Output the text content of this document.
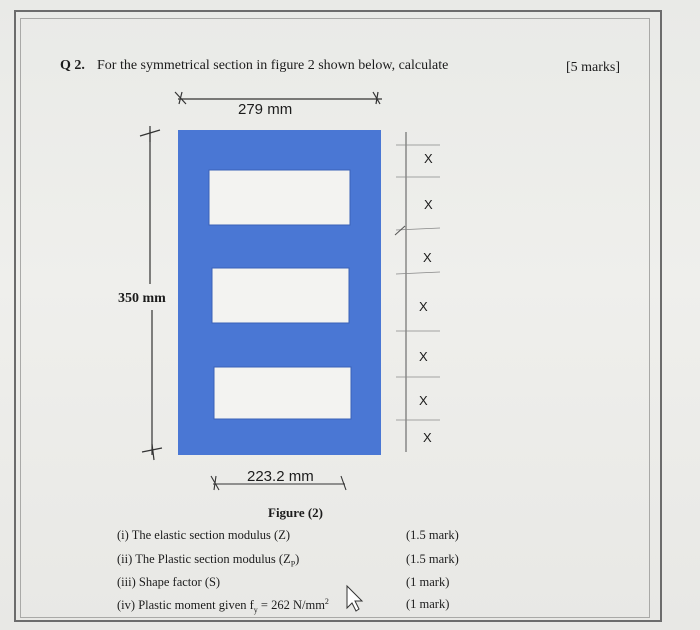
Q 2. For the symmetrical section in figure 2 shown below, calculate	[5 marks]
279 mm
350 mm
X
X
X
X
X
X
X
223.2 mm
Figure (2)
(i) The elastic section modulus (Z)	(1.5 mark)
(ii) The Plastic section modulus $(Z_P)$	(1.5 mark)
(iii) Shape factor (S)	(1 mark)
(iv) Plastic moment given $f_y = 262$ $N/mm^2$	(1 mark)
